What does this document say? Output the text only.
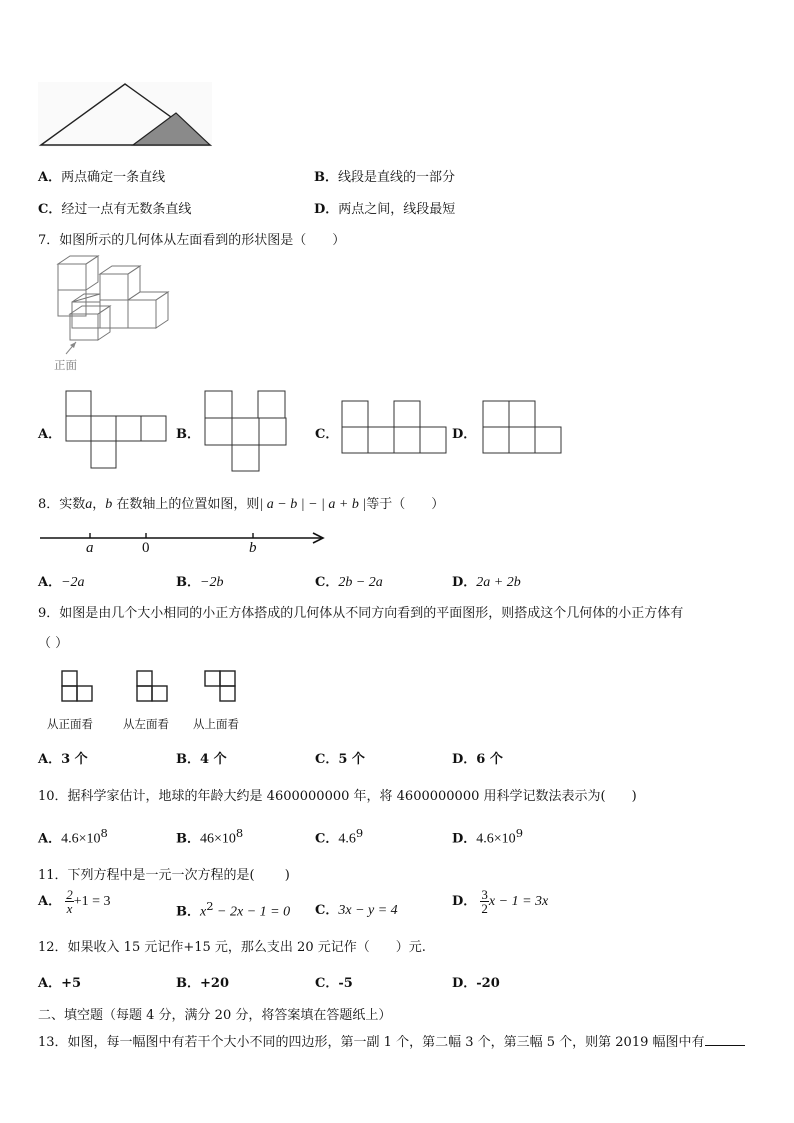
A．两点确定一条直线	B．线段是直线的一部分
C．经过一点有无数条直线	D．两点之间，线段最短
7．如图所示的几何体从左面看到的形状图是（　　）
正面
A．	B．	C．	D．
8．实数a，b 在数轴上的位置如图，则| a − b | − | a + b |等于（　　）
a	0	b
A．−2a	B．−2b	C．2b − 2a	D．2a + 2b
9．如图是由几个大小相同的小正方体搭成的几何体从不同方向看到的平面图形，则搭成这个几何体的小正方体有
（ ）
从正面看	从左面看 从上面看
A．3 个	B．4 个	C．5 个	D．6 个
10．据科学家估计，地球的年龄大约是 4600000000 年，将 4600000000 用科学记数法表示为(　　)
A．$4.6\times 10^8$	B．$46\times 10^8$	C．$4.6^9$	D．$4.6\times 10^9$
11．下列方程中是一元一次方程的是(　　 )
A． $\frac{2}{x} +1 = 3$
B．$x^2 - 2x - 1 = 0$ C．3x − y = 4
D． $\frac{3}{2}$ x − 1 = 3x
12．如果收入 15 元记作+15 元，那么支出 20 元记作（　　）元.
A．+5	B．+20	C．-5	D．-20
二、填空题（每题 4 分，满分 20 分，将答案填在答题纸上）
13．如图，每一幅图中有若干个大小不同的四边形，第一副 1 个，第二幅 3 个，第三幅 5 个，则第 2019 幅图中有
